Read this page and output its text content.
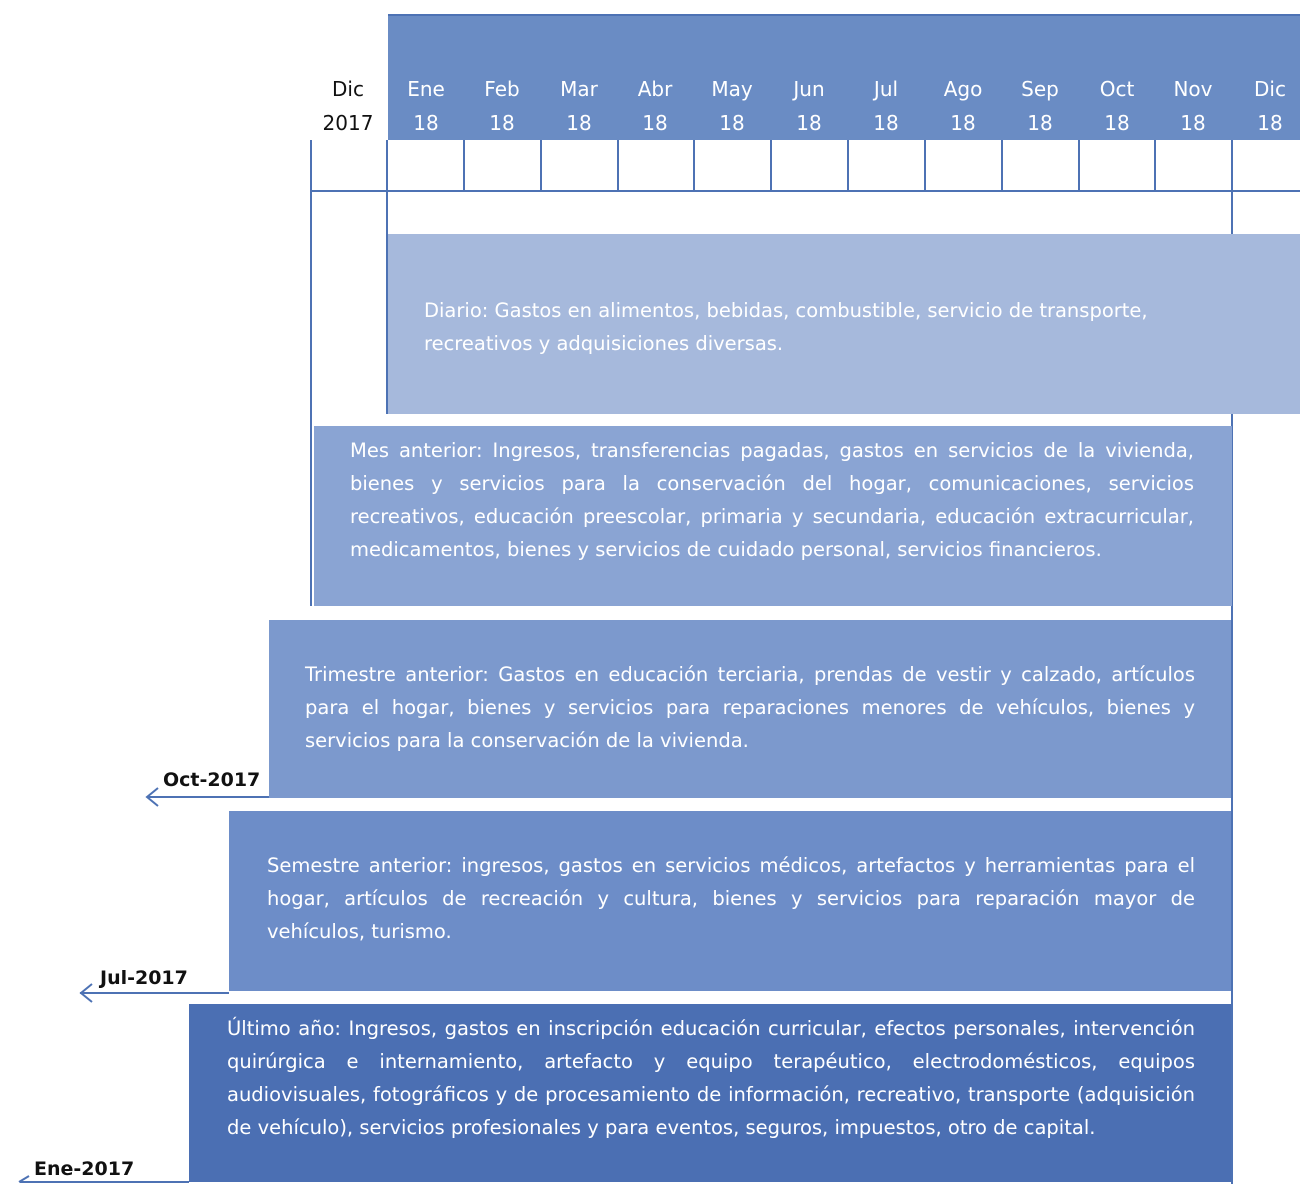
Dic
2017
Ene
18
Feb
18
Mar
18
Abr
18
May
18
Jun
18
Jul
18
Ago
18
Sep
18
Oct
18
Nov
18
Dic
18
Diario: Gastos en alimentos, bebidas, combustible, servicio de transporte, recreativos y adquisiciones diversas.
Mes anterior: Ingresos, transferencias pagadas, gastos en servicios de la vivienda, bienes y servicios para la conservación del hogar, comunicaciones, servicios recreativos, educación preescolar, primaria y secundaria, educación extracurricular, medicamentos, bienes y servicios de cuidado personal, servicios financieros.
Trimestre anterior: Gastos en educación terciaria, prendas de vestir y calzado, artículos para el hogar, bienes y servicios para reparaciones menores de vehículos, bienes y servicios para la conservación de la vivienda.
Semestre anterior: ingresos, gastos en servicios médicos, artefactos y herramientas para el hogar, artículos de recreación y cultura, bienes y servicios para reparación mayor de vehículos, turismo.
Último año: Ingresos, gastos en inscripción educación curricular, efectos personales, intervención quirúrgica e internamiento, artefacto y equipo terapéutico, electrodomésticos, equipos audiovisuales, fotográficos y de procesamiento de información, recreativo, transporte (adquisición de vehículo), servicios profesionales y para eventos, seguros, impuestos, otro de capital.
Oct-2017
Jul-2017
Ene-2017
